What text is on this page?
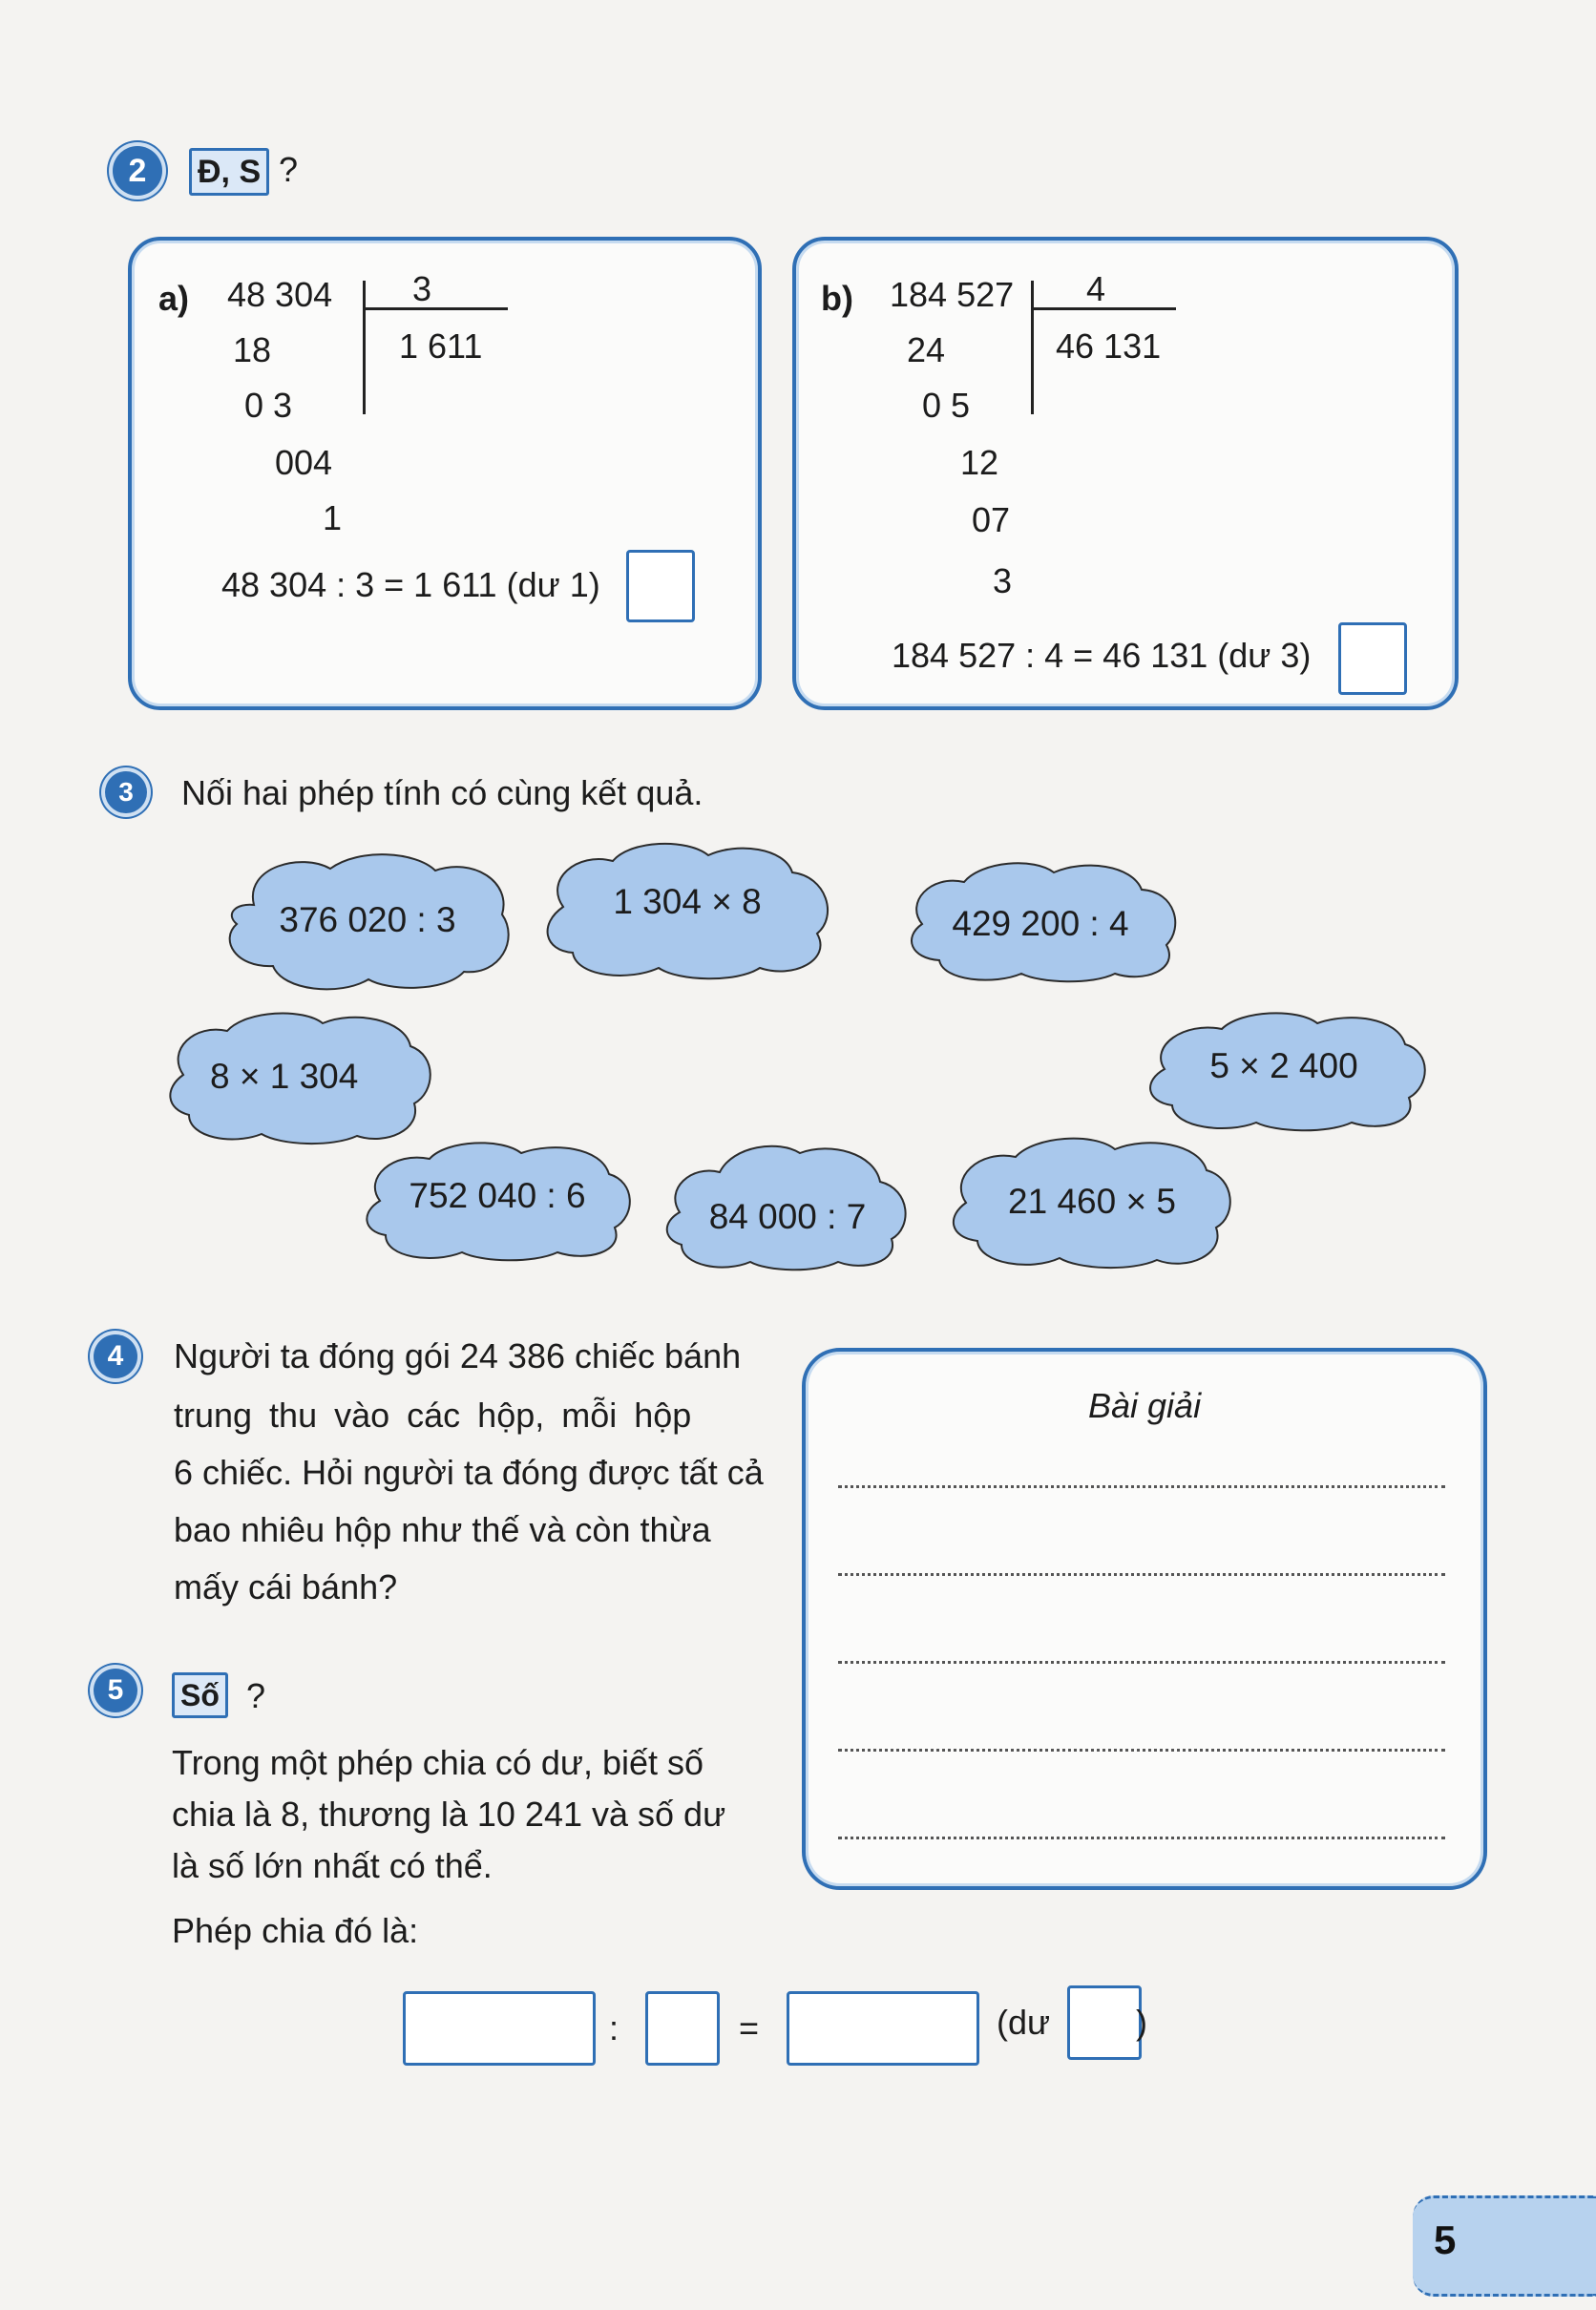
2 Đ, S ?
a) 48 304 3
1 611
18
0 3
004
1
48 304 : 3 = 1 611 (dư 1)
b) 184 527 4
46 131
24
0 5
12
07
3
184 527 : 4 = 46 131 (dư 3)
3 Nối hai phép tính có cùng kết quả.
376 020 : 3	1 304 × 8
429 200 : 4
8 × 1 304	5 × 2 400
752 040 : 6
84 000 : 7	21 460 × 5
4 Người ta đóng gói 24 386 chiếc bánh
trung thu vào các hộp, mỗi hộp
6 chiếc. Hỏi người ta đóng được tất cả
bao nhiêu hộp như thế và còn thừa
mấy cái bánh?
Bài giải
5 Số ?
Trong một phép chia có dư, biết số
chia là 8, thương là 10 241 và số dư
là số lớn nhất có thể.
Phép chia đó là:
:	=	(dư )
5
